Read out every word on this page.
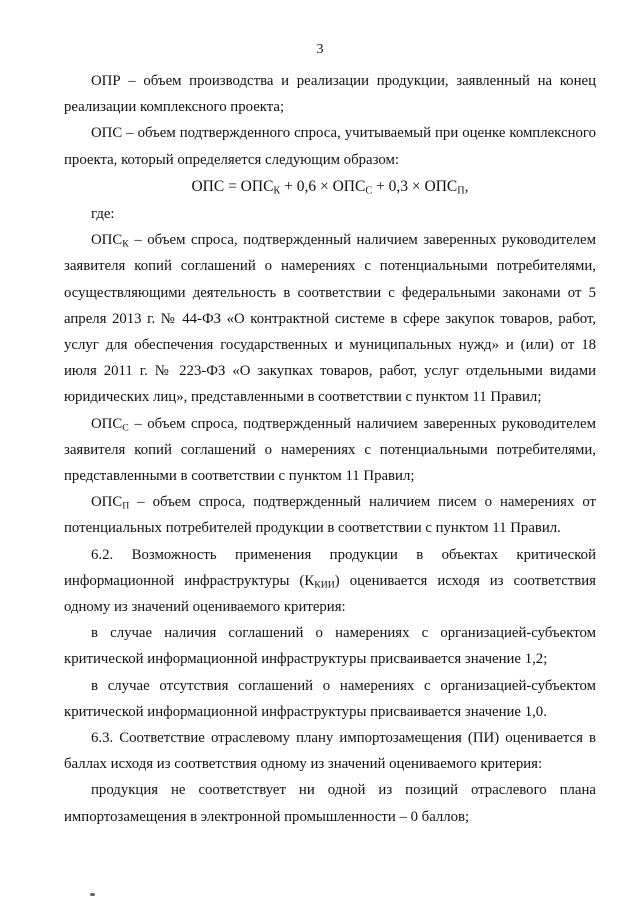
3

ОПР – объем производства и реализации продукции, заявленный на конец реализации комплексного проекта;

ОПС – объем подтвержденного спроса, учитываемый при оценке комплексного проекта, который определяется следующим образом:

ОПС = $ОПС_К + 0,6 \times ОПС_С + 0,3 \times ОПС_П$,

где:

$ОПС_К$ – объем спроса, подтвержденный наличием заверенных руководителем заявителя копий соглашений о намерениях с потенциальными потребителями, осуществляющими деятельность в соответствии с федеральными законами от 5 апреля 2013 г. № 44-ФЗ «О контрактной системе в сфере закупок товаров, работ, услуг для обеспечения государственных и муниципальных нужд» и (или) от 18 июля 2011 г. № 223-ФЗ «О закупках товаров, работ, услуг отдельными видами юридических лиц», представленными в соответствии с пунктом 11 Правил;

$ОПС_С$ – объем спроса, подтвержденный наличием заверенных руководителем заявителя копий соглашений о намерениях с потенциальными потребителями, представленными в соответствии с пунктом 11 Правил;

$ОПС_П$ – объем спроса, подтвержденный наличием писем о намерениях от потенциальных потребителей продукции в соответствии с пунктом 11 Правил.

6.2. Возможность применения продукции в объектах критической информационной инфраструктуры $(К_{КИИ})$ оценивается исходя из соответствия одному из значений оцениваемого критерия:

в случае наличия соглашений о намерениях с организацией-субъектом критической информационной инфраструктуры присваивается значение 1,2;

в случае отсутствия соглашений о намерениях с организацией-субъектом критической информационной инфраструктуры присваивается значение 1,0.

6.3. Соответствие отраслевому плану импортозамещения (ПИ) оценивается в баллах исходя из соответствия одному из значений оцениваемого критерия:

продукция не соответствует ни одной из позиций отраслевого плана импортозамещения в электронной промышленности – 0 баллов;
